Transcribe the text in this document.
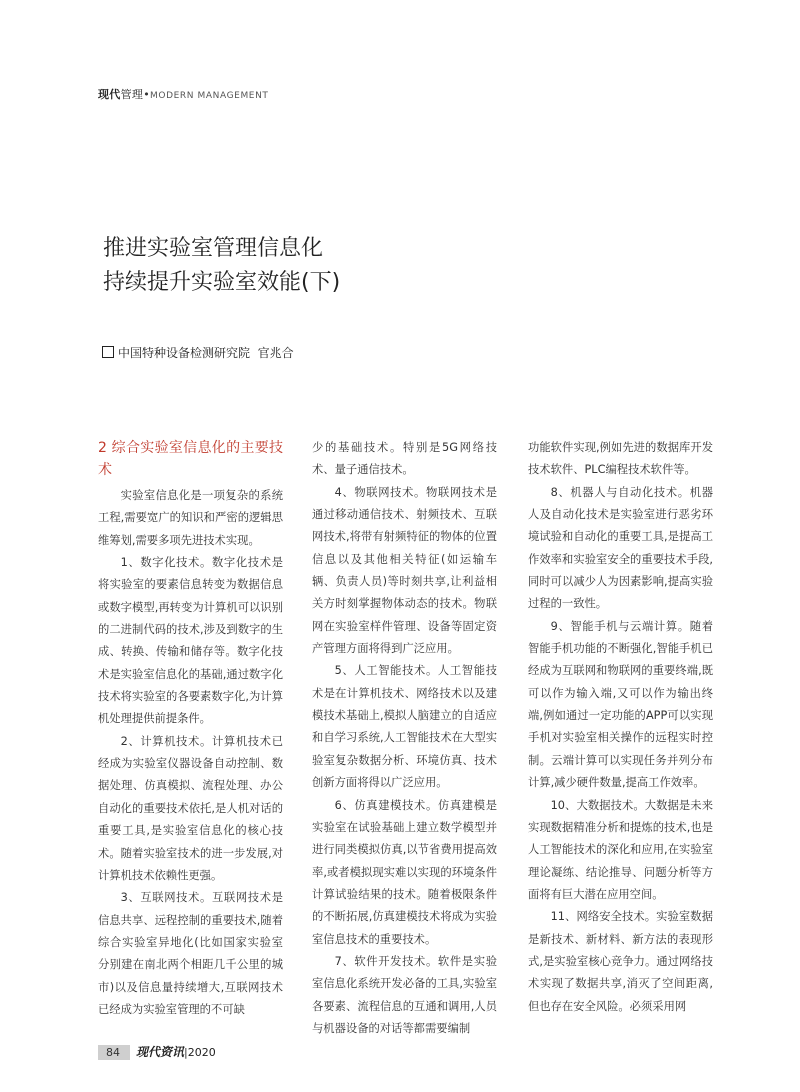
现代管理•MODERN MANAGEMENT
推进实验室管理信息化
持续提升实验室效能(下)
中国特种设备检测研究院 官兆合
2 综合实验室信息化的主要技术

实验室信息化是一项复杂的系统工程,需要宽广的知识和严密的逻辑思维筹划,需要多项先进技术实现。

1、数字化技术。数字化技术是将实验室的要素信息转变为数据信息或数字模型,再转变为计算机可以识别的二进制代码的技术,涉及到数字的生成、转换、传输和储存等。数字化技术是实验室信息化的基础,通过数字化技术将实验室的各要素数字化,为计算机处理提供前提条件。

2、计算机技术。计算机技术已经成为实验室仪器设备自动控制、数据处理、仿真模拟、流程处理、办公自动化的重要技术依托,是人机对话的重要工具,是实验室信息化的核心技术。随着实验室技术的进一步发展,对计算机技术依赖性更强。

3、互联网技术。互联网技术是信息共享、远程控制的重要技术,随着综合实验室异地化(比如国家实验室分别建在南北两个相距几千公里的城市)以及信息量持续增大,互联网技术已经成为实验室管理的不可缺

少的基础技术。特别是5G网络技术、量子通信技术。

4、物联网技术。物联网技术是通过移动通信技术、射频技术、互联网技术,将带有射频特征的物体的位置信息以及其他相关特征(如运输车辆、负责人员)等时刻共享,让利益相关方时刻掌握物体动态的技术。物联网在实验室样件管理、设备等固定资产管理方面将得到广泛应用。

5、人工智能技术。人工智能技术是在计算机技术、网络技术以及建模技术基础上,模拟人脑建立的自适应和自学习系统,人工智能技术在大型实验室复杂数据分析、环境仿真、技术创新方面将得以广泛应用。

6、仿真建模技术。仿真建模是实验室在试验基础上建立数学模型并进行同类模拟仿真,以节省费用提高效率,或者模拟现实难以实现的环境条件计算试验结果的技术。随着极限条件的不断拓展,仿真建模技术将成为实验室信息技术的重要技术。

7、软件开发技术。软件是实验室信息化系统开发必备的工具,实验室各要素、流程信息的互通和调用,人员与机器设备的对话等都需要编制

功能软件实现,例如先进的数据库开发技术软件、PLC编程技术软件等。

8、机器人与自动化技术。机器人及自动化技术是实验室进行恶劣环境试验和自动化的重要工具,是提高工作效率和实验室安全的重要技术手段,同时可以减少人为因素影响,提高实验过程的一致性。

9、智能手机与云端计算。随着智能手机功能的不断强化,智能手机已经成为互联网和物联网的重要终端,既可以作为输入端,又可以作为输出终端,例如通过一定功能的APP可以实现手机对实验室相关操作的远程实时控制。云端计算可以实现任务并列分布计算,减少硬件数量,提高工作效率。

10、大数据技术。大数据是未来实现数据精准分析和提炼的技术,也是人工智能技术的深化和应用,在实验室理论凝练、结论推导、问题分析等方面将有巨大潜在应用空间。

11、网络安全技术。实验室数据是新技术、新材料、新方法的表现形式,是实验室核心竞争力。通过网络技术实现了数据共享,消灭了空间距离,但也存在安全风险。必须采用网

84 现代资讯|2020
